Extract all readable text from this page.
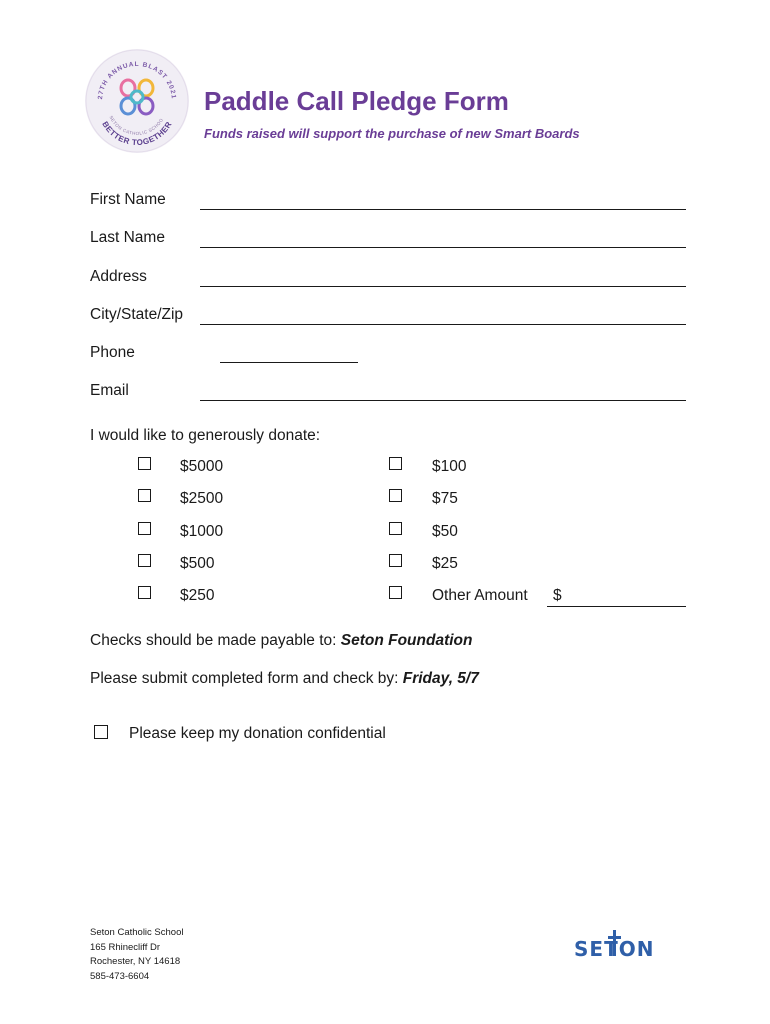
27TH ANNUAL BLAST 2021
BETTER TOGETHER
SETON CATHOLIC SCHOO
Paddle Call Pledge Form
Funds raised will support the purchase of new Smart Boards
First Name
Last Name
Address
City/State/Zip
Phone
Email
I would like to generously donate:
$5000
$2500
$1000
$500
$250
$100
$75
$50
$25
Other Amount $
Checks should be made payable to: Seton Foundation
Please submit completed form and check by: Friday, 5/7
Please keep my donation confidential
Seton Catholic School
165 Rhinecliff Dr
Rochester, NY 14618
585-473-6604
SETON
